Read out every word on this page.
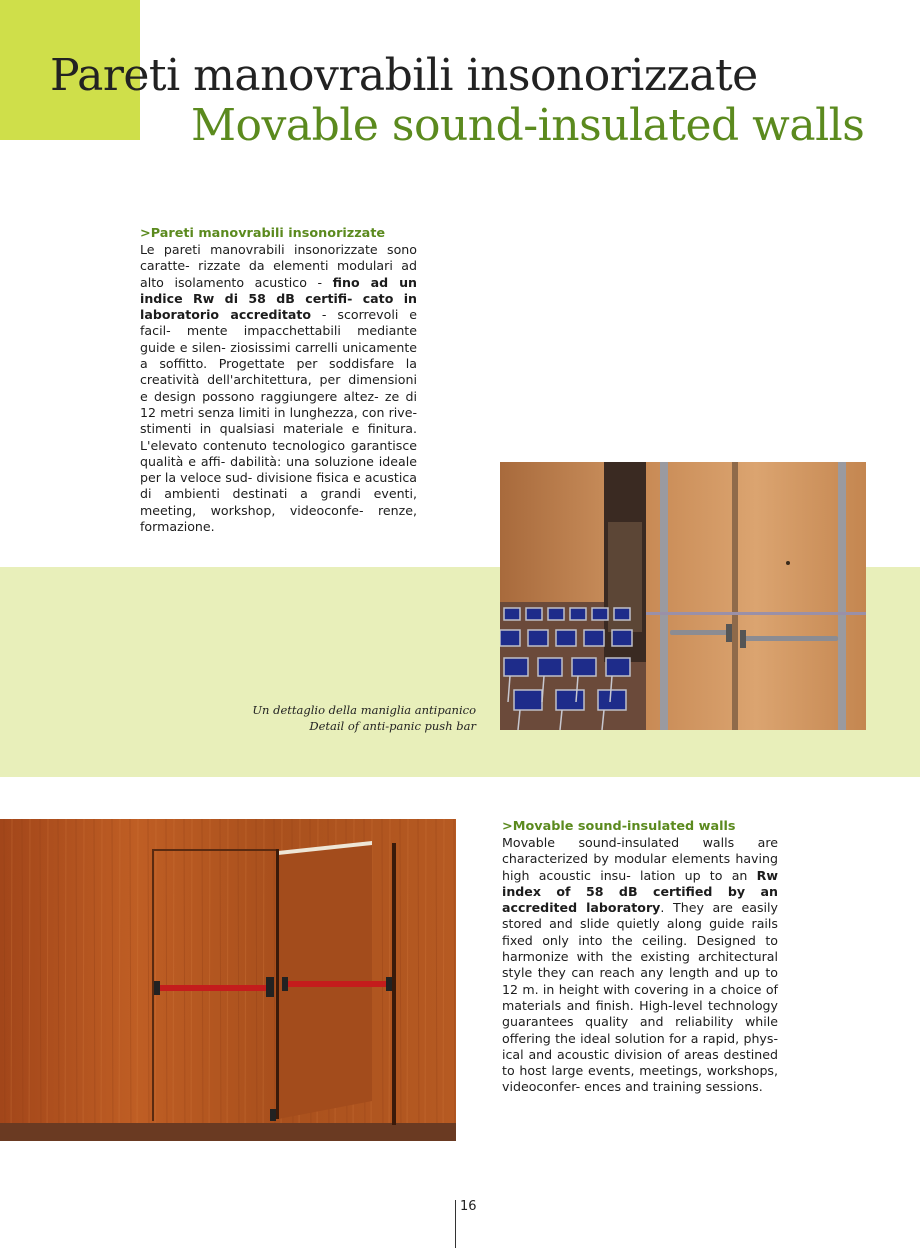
Pareti manovrabili insonorizzate
Movable sound-insulated walls
>Pareti manovrabili insonorizzate

Le pareti manovrabili insonorizzate sono caratte- rizzate da elementi modulari ad alto isolamento acustico - fino ad un indice Rw di 58 dB certifi- cato in laboratorio accreditato - scorrevoli e facil- mente impacchettabili mediante guide e silen- ziosissimi carrelli unicamente a soffitto. Progettate per soddisfare la creatività dell'architettura, per dimensioni e design possono raggiungere altez- ze di 12 metri senza limiti in lunghezza, con rive- stimenti in qualsiasi materiale e finitura. L'elevato contenuto tecnologico garantisce qualità e affi- dabilità: una soluzione ideale per la veloce sud- divisione fisica e acustica di ambienti destinati a grandi eventi, meeting, workshop, videoconfe- renze, formazione.

Un dettaglio della maniglia antipanico
Detail of anti-panic push bar
>Movable sound-insulated walls

Movable sound-insulated walls are characterized by modular elements having high acoustic insu- lation up to an Rw index of 58 dB certified by an accredited laboratory. They are easily stored and slide quietly along guide rails fixed only into the ceiling. Designed to harmonize with the existing architectural style they can reach any length and up to 12 m. in height with covering in a choice of materials and finish. High-level technology guarantees quality and reliability while offering the ideal solution for a rapid, phys- ical and acoustic division of areas destined to host large events, meetings, workshops, videoconfer- ences and training sessions.

16
